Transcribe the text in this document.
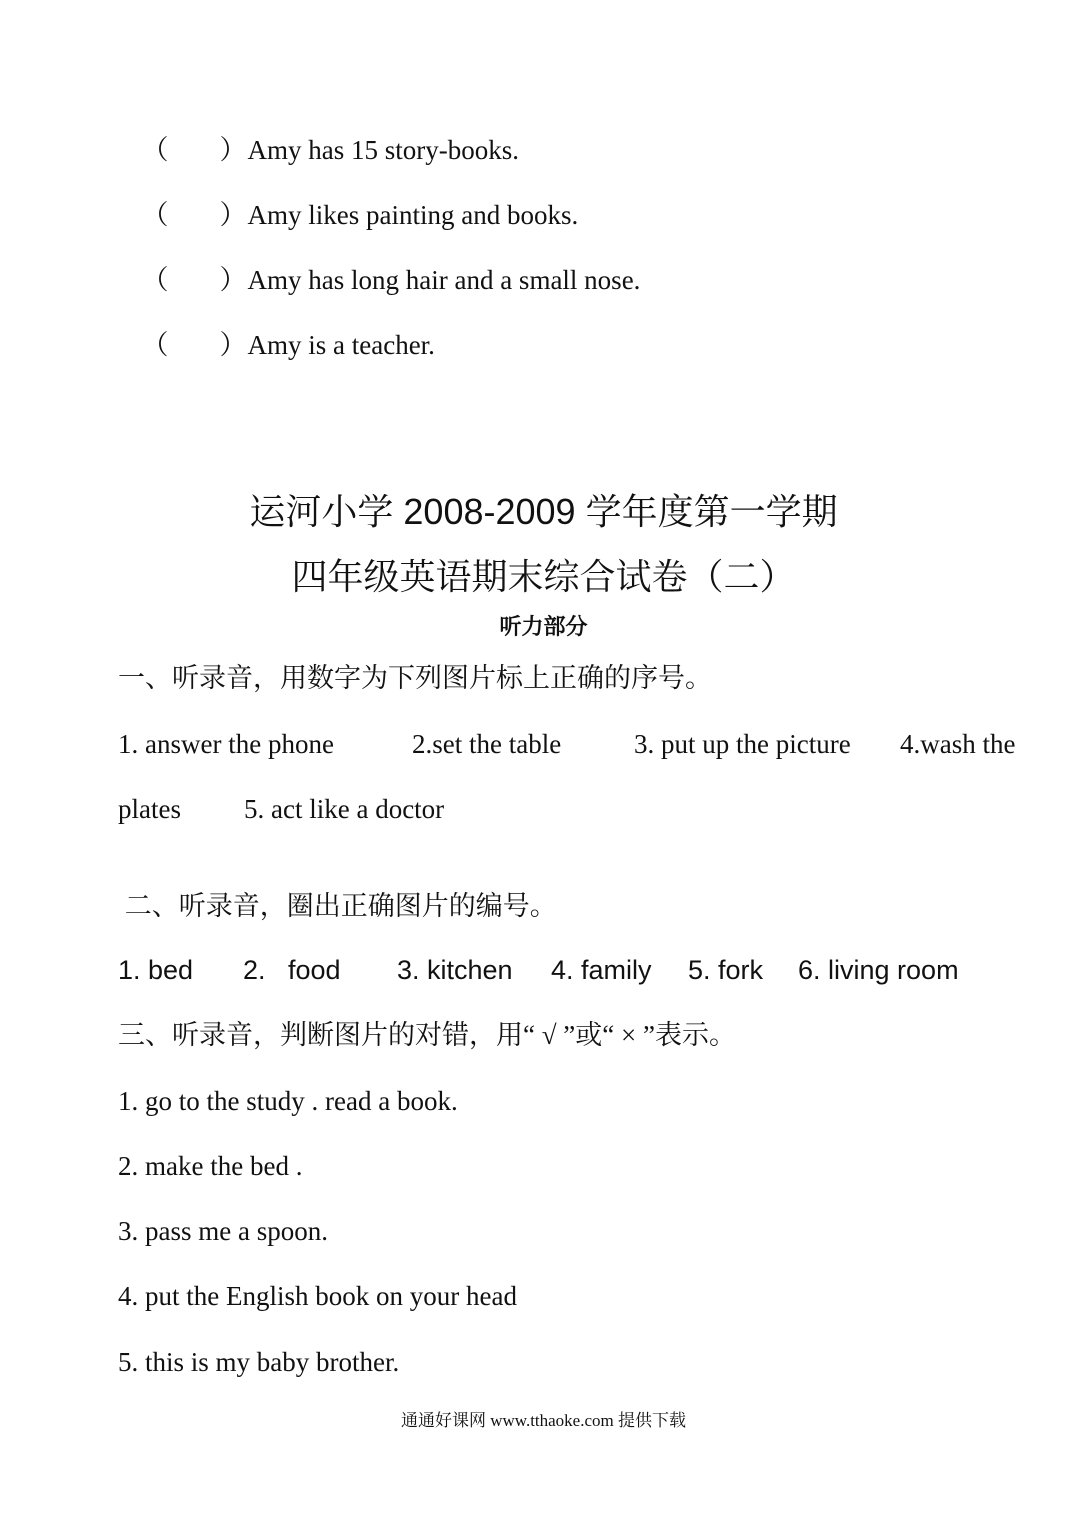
（ ）Amy has 15 story-books.

（ ）Amy likes painting and books.

（ ）Amy has long hair and a small nose.

（ ）Amy is a teacher.

运河小学 2008-2009 学年度第一学期
四年级英语期末综合试卷（二）
听力部分
一、听录音，用数字为下列图片标上正确的序号。
1. answer the phone	2.set the table	3. put up the picture 4.wash the
plates 5. act like a doctor
二、听录音，圈出正确图片的编号。
1. bed 2.   food 3. kitchen 4. family 5. fork 6. living room
三、听录音，判断图片的对错，用“ √ ”或“ × ”表示。
1. go to the study . read a book.
2. make the bed .
3. pass me a spoon.
4. put the English book on your head
5. this is my baby brother.
通通好课网 www.tthaoke.com 提供下载
